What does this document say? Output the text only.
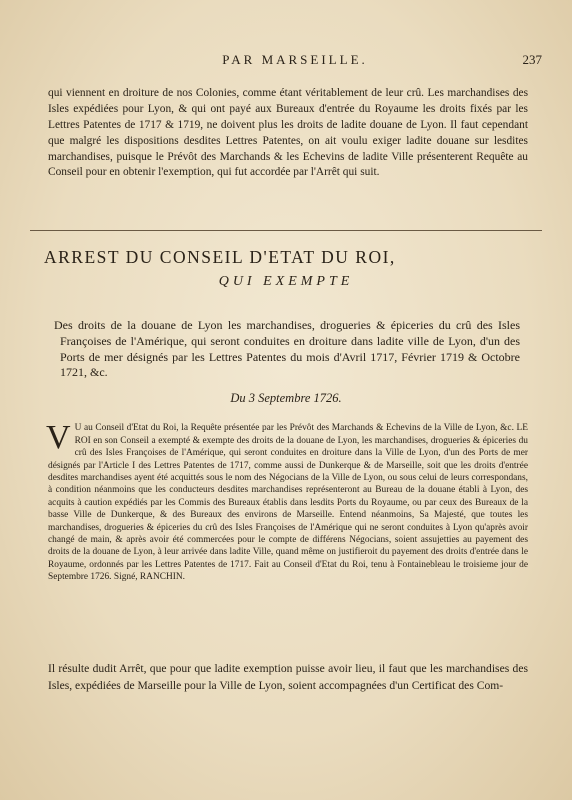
PAR MARSEILLE.	237

qui viennent en droiture de nos Colonies, comme étant véritablement de leur crû. Les marchandises des Isles expédiées pour Lyon, & qui ont payé aux Bureaux d'entrée du Royaume les droits fixés par les Lettres Patentes de 1717 & 1719, ne doivent plus les droits de ladite douane de Lyon. Il faut cependant que malgré les dispositions desdites Lettres Patentes, on ait voulu exiger ladite douane sur lesdites marchandises, puisque le Prévôt des Marchands & les Echevins de ladite Ville présenterent Requête au Conseil pour en obtenir l'exemption, qui fut accordée par l'Arrêt qui suit.

ARREST DU CONSEIL D'ETAT DU ROI,
QUI EXEMPTE

Des droits de la douane de Lyon les marchandises, drogueries & épiceries du crû des Isles Françoises de l'Amérique, qui seront conduites en droiture dans ladite ville de Lyon, d'un des Ports de mer désignés par les Lettres Patentes du mois d'Avril 1717, Février 1719 & Octobre 1721, &c.

Du 3 Septembre 1726.

V U au Conseil d'Etat du Roi, la Requête présentée par les Prévôt des Marchands & Echevins de la Ville de Lyon, &c. LE ROI en son Conseil a exempté & exempte des droits de la douane de Lyon, les marchandises, drogueries & épiceries du crû des Isles Françoises de l'Amérique, qui seront conduites en droiture dans la Ville de Lyon, d'un des Ports de mer désignés par l'Article I des Lettres Patentes de 1717, comme aussi de Dunkerque & de Marseille, soit que les droits d'entrée desdites marchandises ayent été acquittés sous le nom des Négocians de la Ville de Lyon, ou sous celui de leurs correspondans, à condition néanmoins que les conducteurs desdites marchandises représenteront au Bureau de la douane établi à Lyon, des acquits à caution expédiés par les Commis des Bureaux établis dans lesdits Ports du Royaume, ou par ceux des Bureaux de la basse Ville de Dunkerque, & des Bureaux des environs de Marseille. Entend néanmoins, Sa Majesté, que toutes les marchandises, drogueries & épiceries du crû des Isles Françoises de l'Amérique qui ne seront conduites à Lyon qu'après avoir changé de main, & après avoir été commercées pour le compte de différens Négocians, soient assujetties au payement des droits de la douane de Lyon, à leur arrivée dans ladite Ville, quand même on justifieroit du payement des droits d'entrée dans le Royaume, ordonnés par les Lettres Patentes de 1717. Fait au Conseil d'Etat du Roi, tenu à Fontainebleau le troisieme jour de Septembre 1726. Signé, RANCHIN.

Il résulte dudit Arrêt, que pour que ladite exemption puisse avoir lieu, il faut que les marchandises des Isles, expédiées de Marseille pour la Ville de Lyon, soient accompagnées d'un Certificat des Com-
